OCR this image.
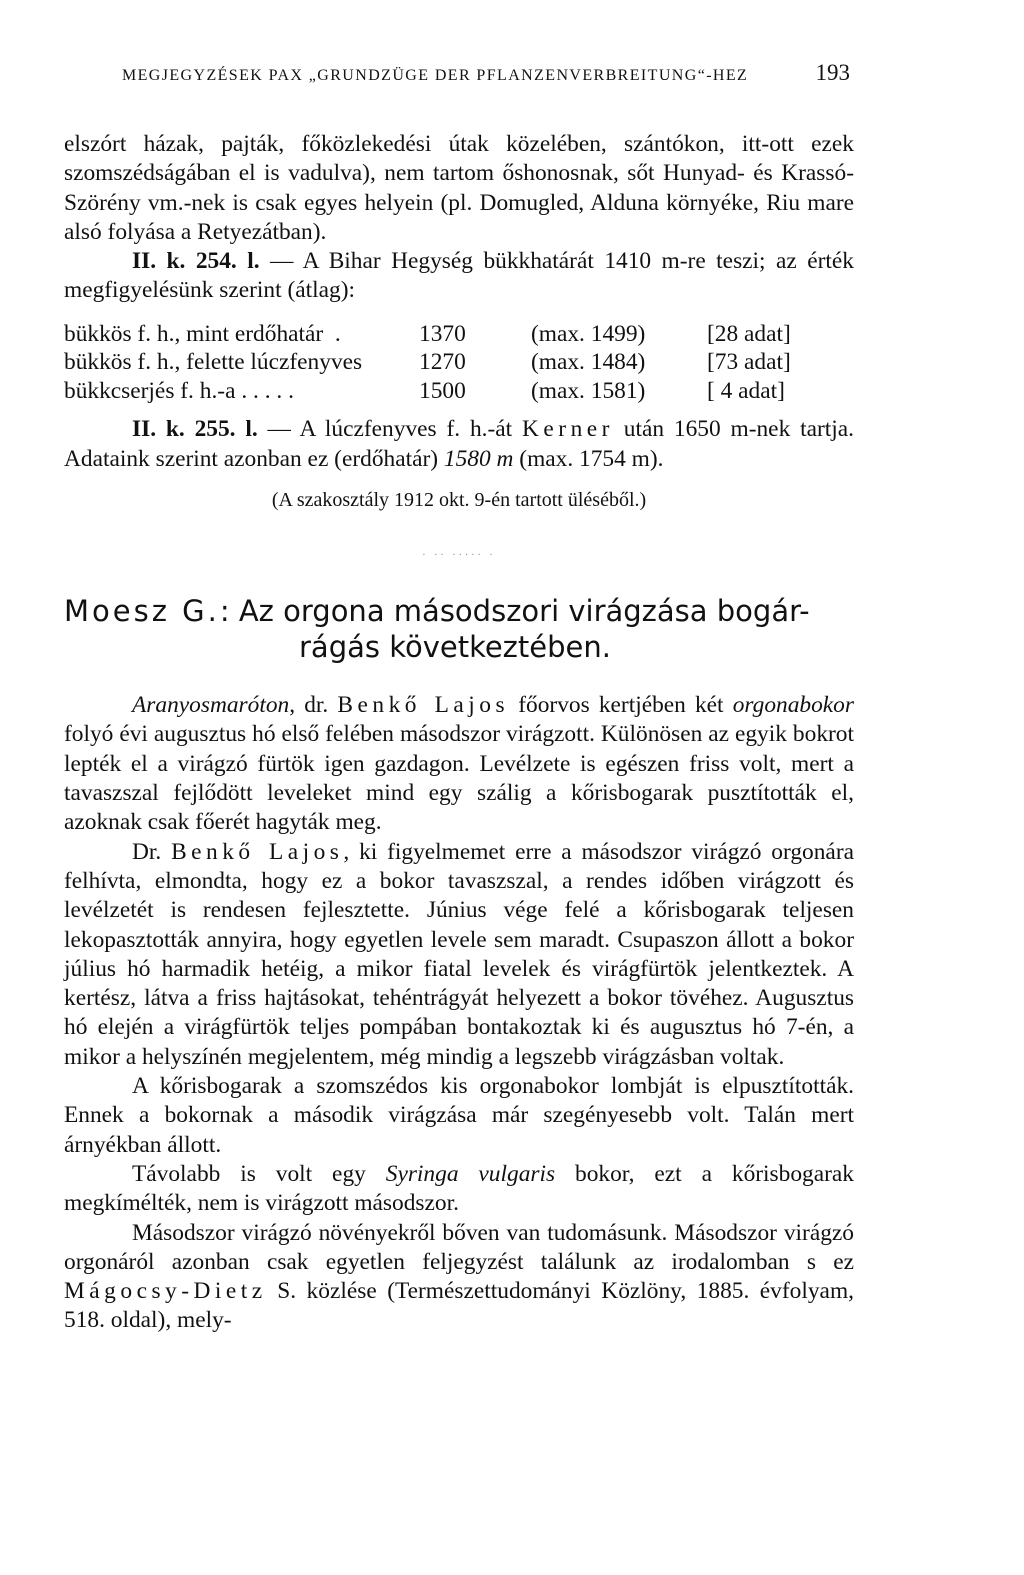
MEGJEGYZÉSEK PAX „GRUNDZÜGE DER PFLANZENVERBREITUNG“-HEZ	193

elszórt házak, pajták, főközlekedési útak közelében, szántókon, itt-ott ezek szomszédságában el is vadulva), nem tartom őshonosnak, sőt Hunyad- és Krassó-Szörény vm.-nek is csak egyes helyein (pl. Domugled, Alduna környéke, Riu mare alsó folyása a Retyezátban).

II. k. 254. l. — A Bihar Hegység bükkhatárát 1410 m-re teszi; az érték megfigyelésünk szerint (átlag):

bükkös f. h., mint erdőhatár  .	1370	(max. 1499)	[28 adat]
bükkös f. h., felette lúczfenyves	1270	(max. 1484)	[73 adat]
bükkcserjés f. h.-a . . . . .	1500	(max. 1581)	[ 4 adat]

II. k. 255. l. — A lúczfenyves f. h.-át Kerner után 1650 m-nek tartja. Adataink szerint azonban ez (erdőhatár) 1580 m (max. 1754 m).

(A szakosztály 1912 okt. 9-én tartott üléséből.)

· ·· ····· ·
Moesz G.: Az orgona másodszori virágzása bogár-
rágás következtében.

Aranyosmaróton, dr. Benkő Lajos főorvos kertjében két orgonabokor folyó évi augusztus hó első felében másodszor virágzott. Különösen az egyik bokrot lepték el a virágzó fürtök igen gazdagon. Levélzete is egészen friss volt, mert a tavaszszal fejlődött leveleket mind egy szálig a kőrisbogarak pusztították el, azoknak csak főerét hagyták meg.

Dr. Benkő Lajos, ki figyelmemet erre a másodszor virágzó orgonára felhívta, elmondta, hogy ez a bokor tavaszszal, a rendes időben virágzott és levélzetét is rendesen fejlesztette. Június vége felé a kőrisbogarak teljesen lekopasztották annyira, hogy egyetlen levele sem maradt. Csupaszon állott a bokor július hó harmadik hetéig, a mikor fiatal levelek és virágfürtök jelentkeztek. A kertész, látva a friss hajtásokat, tehéntrágyát helyezett a bokor tövéhez. Augusztus hó elején a virágfürtök teljes pompában bontakoztak ki és augusztus hó 7-én, a mikor a helyszínén megjelentem, még mindig a legszebb virágzásban voltak.

A kőrisbogarak a szomszédos kis orgonabokor lombját is elpusztították. Ennek a bokornak a második virágzása már szegényesebb volt. Talán mert árnyékban állott.

Távolabb is volt egy Syringa vulgaris bokor, ezt a kőrisbogarak megkímélték, nem is virágzott másodszor.

Másodszor virágzó növényekről bőven van tudomásunk. Másodszor virágzó orgonáról azonban csak egyetlen feljegyzést találunk az irodalomban s ez Mágocsy-Dietz S. közlése (Természettudományi Közlöny, 1885. évfolyam, 518. oldal), mely-
